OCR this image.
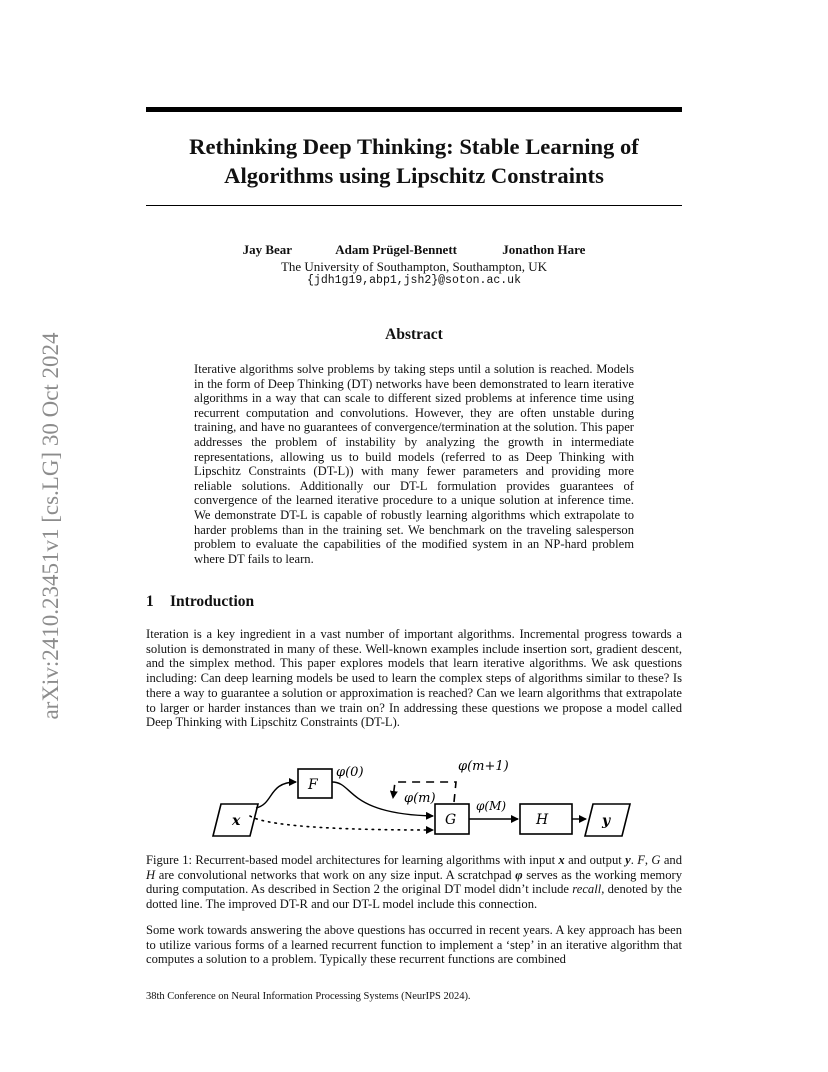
arXiv:2410.23451v1 [cs.LG] 30 Oct 2024
Rethinking Deep Thinking: Stable Learning of
Algorithms using Lipschitz Constraints
Jay Bear	Adam Prügel-Bennett	Jonathon Hare
The University of Southampton, Southampton, UK
{jdh1g19,abp1,jsh2}@soton.ac.uk
Abstract
Iterative algorithms solve problems by taking steps until a solution is reached. Models in the form of Deep Thinking (DT) networks have been demonstrated to learn iterative algorithms in a way that can scale to different sized problems at inference time using recurrent computation and convolutions. However, they are often unstable during training, and have no guarantees of convergence/termination at the solution. This paper addresses the problem of instability by analyzing the growth in intermediate representations, allowing us to build models (referred to as Deep Thinking with Lipschitz Constraints (DT-L)) with many fewer parameters and providing more reliable solutions. Additionally our DT-L formulation provides guarantees of convergence of the learned iterative procedure to a unique solution at inference time. We demonstrate DT-L is capable of robustly learning algorithms which extrapolate to harder problems than in the training set. We benchmark on the traveling salesperson problem to evaluate the capabilities of the modified system in an NP-hard problem where DT fails to learn.
1 Introduction
Iteration is a key ingredient in a vast number of important algorithms. Incremental progress towards a solution is demonstrated in many of these. Well-known examples include insertion sort, gradient descent, and the simplex method. This paper explores models that learn iterative algorithms. We ask questions including: Can deep learning models be used to learn the complex steps of algorithms similar to these? Is there a way to guarantee a solution or approximation is reached? Can we learn algorithms that extrapolate to larger or harder instances than we train on? In addressing these questions we propose a model called Deep Thinking with Lipschitz Constraints (DT-L).
x
F
G	H	y
φ(0)
φ(m)
φ(m+1)
φ(M)
Figure 1: Recurrent-based model architectures for learning algorithms with input x and output y. F, G and H are convolutional networks that work on any size input. A scratchpad φ serves as the working memory during computation. As described in Section 2 the original DT model didn’t include recall, denoted by the dotted line. The improved DT-R and our DT-L model include this connection.
Some work towards answering the above questions has occurred in recent years. A key approach has been to utilize various forms of a learned recurrent function to implement a ‘step’ in an iterative algorithm that computes a solution to a problem. Typically these recurrent functions are combined
38th Conference on Neural Information Processing Systems (NeurIPS 2024).
